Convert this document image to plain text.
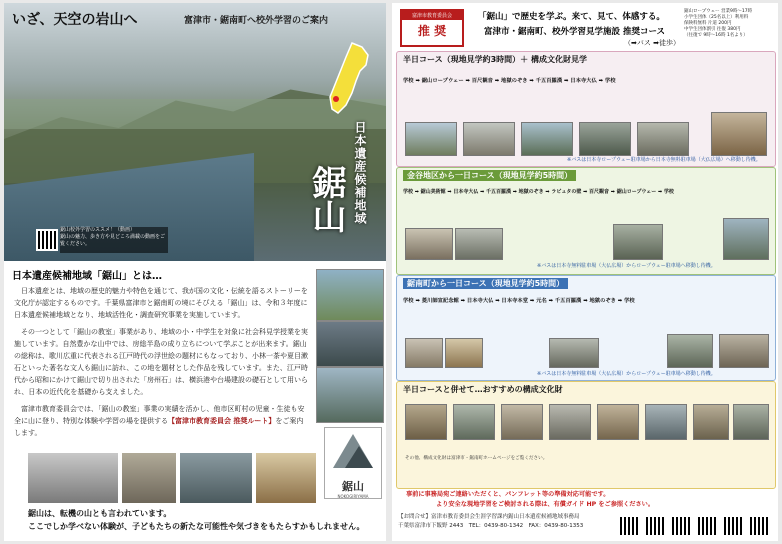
いざ、天空の岩山へ	富津市・鋸南町へ校外学習のご案内
日本遺産候補地域
鋸山
鋸山校外学習のススメ！（動画）
鋸山の魅力、歩き方や見どころ満載の動画をご覧ください。
日本遺産候補地域「鋸山」とは…

日本遺産とは、地域の歴史的魅力や特色を通じて、我が国の文化・伝統を語るストーリーを文化庁が認定するものです。千葉県富津市と鋸南町の境にそびえる「鋸山」は、令和３年度に日本遺産候補地域となり、地域活性化・調査研究事業を実施しています。

その一つとして「鋸山の教室」事業があり、地域の小・中学生を対象に社会科見学授業を実施しています。自然豊かな山中では、房総半島の成り立ちについて学ぶことが出来ます。鋸山の総称は、歌川広重に代表される江戸時代の浮世絵の題材にもなっており、小林一茶や夏目漱石といった著名な文人も鋸山に訪れ、この地を題材とした作品を残しています。また、江戸時代から昭和にかけて鋸山で切り出された「房州石」は、横浜港や台場建設の礎石として用いられ、日本の近代化を基礎から支えました。

富津市教育委員会では、「鋸山の教室」事業の実績を活かし、他市区町村の児童・生徒も安全に山に登り、特別な体験や学習の場を提供する【富津市教育委員会 推奨ルート】をご案内します。

鋸山
NOKOGIRIYAMA
鋸山は、転機の山とも言われています。
ここでしか学べない体験が、子どもたちの新たな可能性や気づきをもたらすかもしれません。
富津市教育委員会
推 奨
「鋸山」で歴史を学ぶ。来て、見て、体感する。
富津市・鋸南町、校外学習見学施設 推奨コース
（➡バス ➡徒歩）
鋸山ロープウェー 営業9時～17時
小学生団体（25名以上）利用料
保険料無料 片道 200円
中学生団体割引 往復 380円
（往復で 9時～16時 1名より）
半日コース（現地見学約3時間）＋ 構成文化財見学
学校 ➡ 鋸山ロープウェー ➡ 百尺観音 ➡ 地獄のぞき ➡ 千五百羅漢 ➡ 日本寺大仏 ➡ 学校
※バスは日本寺ロープウェー駐車場から日本寺無料駐車場（大仏広場）へ移動し待機。
金谷地区から一日コース（現地見学約5時間）
学校 ➡ 鋸山美術館 ➡ 日本寺大仏 ➡ 千五百羅漢 ➡ 地獄のぞき ➡ ラピュタの壁 ➡ 百尺観音 ➡ 鋸山ロープウェー ➡ 学校
※バスは日本寺無料駐車場（大仏広場）からロープウェー駐車場へ移動し待機。
鋸南町から一日コース（現地見学約5時間）
学校 ➡ 菱川師宣記念館 ➡ 日本寺大仏 ➡ 日本寺本堂 ➡ 元名 ➡ 千五百羅漢 ➡ 地獄のぞき ➡ 学校
※バスは日本寺無料駐車場（大仏広場）からロープウェー駐車場へ移動し待機。
半日コースと併せて…おすすめの構成文化財
その他、構成文化財は富津市・鋸南町ホームページをご覧ください。
事前に事務局宛ご連絡いただくと、パンフレット等の準備対応可能です。
より安全な現地学習をご検討される際は、有償ガイド HP をご参照ください。
【お問合せ】富津市教育委員会生涯学習課内鋸山日本遺産候補地域事務局
千葉県富津市下飯野 2443　TEL：0439-80-1342　FAX：0439-80-1353
